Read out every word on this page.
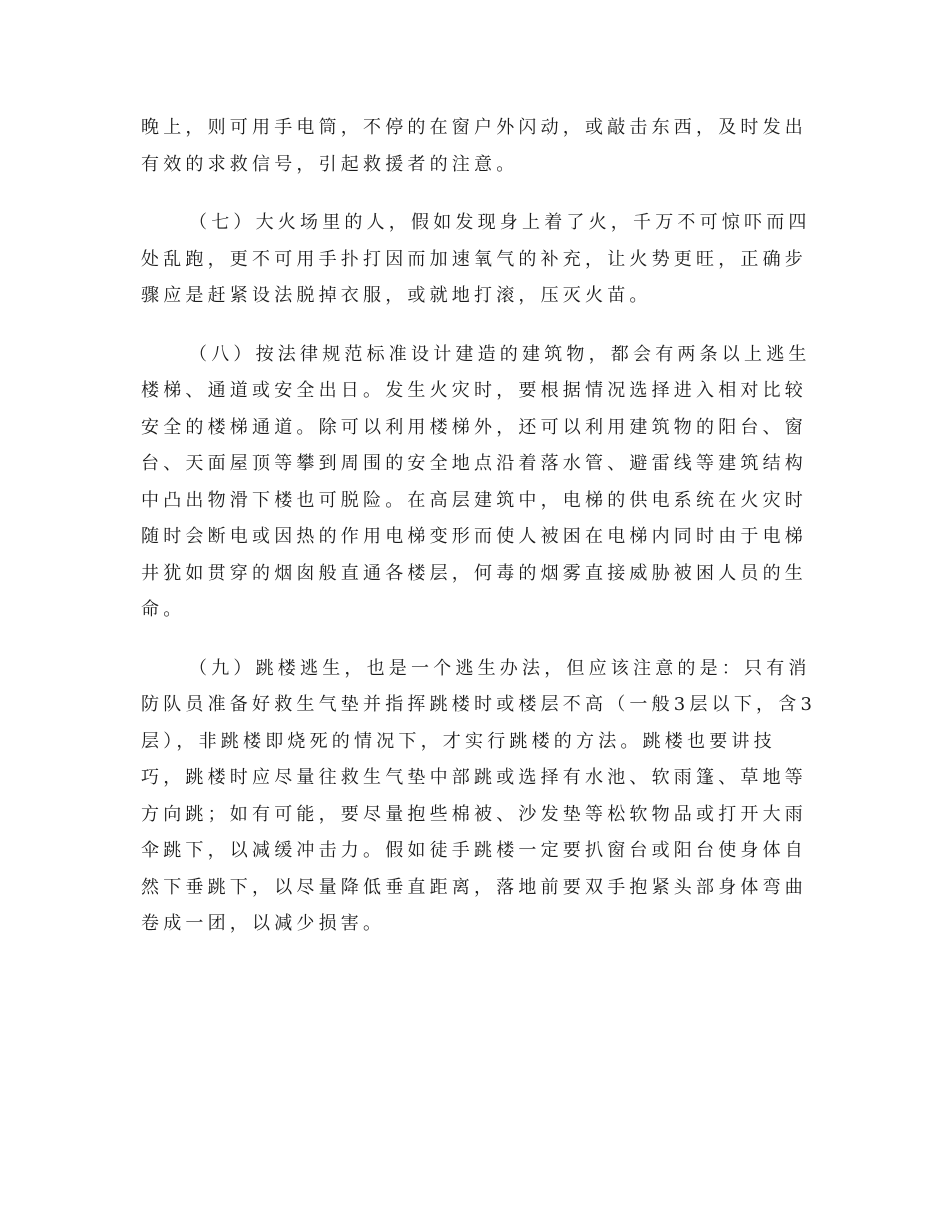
晚上，则可用手电筒，不停的在窗户外闪动，或敲击东西，及时发出
有效的求救信号，引起救援者的注意。

（七）大火场里的人，假如发现身上着了火，千万不可惊吓而四
处乱跑，更不可用手扑打因而加速氧气的补充，让火势更旺，正确步
骤应是赶紧设法脱掉衣服，或就地打滚，压灭火苗。

（八）按法律规范标准设计建造的建筑物，都会有两条以上逃生
楼梯、通道或安全出日。发生火灾时，要根据情况选择进入相对比较
安全的楼梯通道。除可以利用楼梯外，还可以利用建筑物的阳台、窗
台、天面屋顶等攀到周围的安全地点沿着落水管、避雷线等建筑结构
中凸出物滑下楼也可脱险。在高层建筑中，电梯的供电系统在火灾时
随时会断电或因热的作用电梯变形而使人被困在电梯内同时由于电梯
井犹如贯穿的烟囱般直通各楼层，何毒的烟雾直接威胁被困人员的生
命。

（九）跳楼逃生，也是一个逃生办法，但应该注意的是：只有消
防队员准备好救生气垫并指挥跳楼时或楼层不高（一般3层以下，含3
层），非跳楼即烧死的情况下，才实行跳楼的方法。跳楼也要讲技
巧，跳楼时应尽量往救生气垫中部跳或选择有水池、软雨篷、草地等
方向跳；如有可能，要尽量抱些棉被、沙发垫等松软物品或打开大雨
伞跳下，以减缓冲击力。假如徒手跳楼一定要扒窗台或阳台使身体自
然下垂跳下，以尽量降低垂直距离，落地前要双手抱紧头部身体弯曲
卷成一团，以减少损害。
